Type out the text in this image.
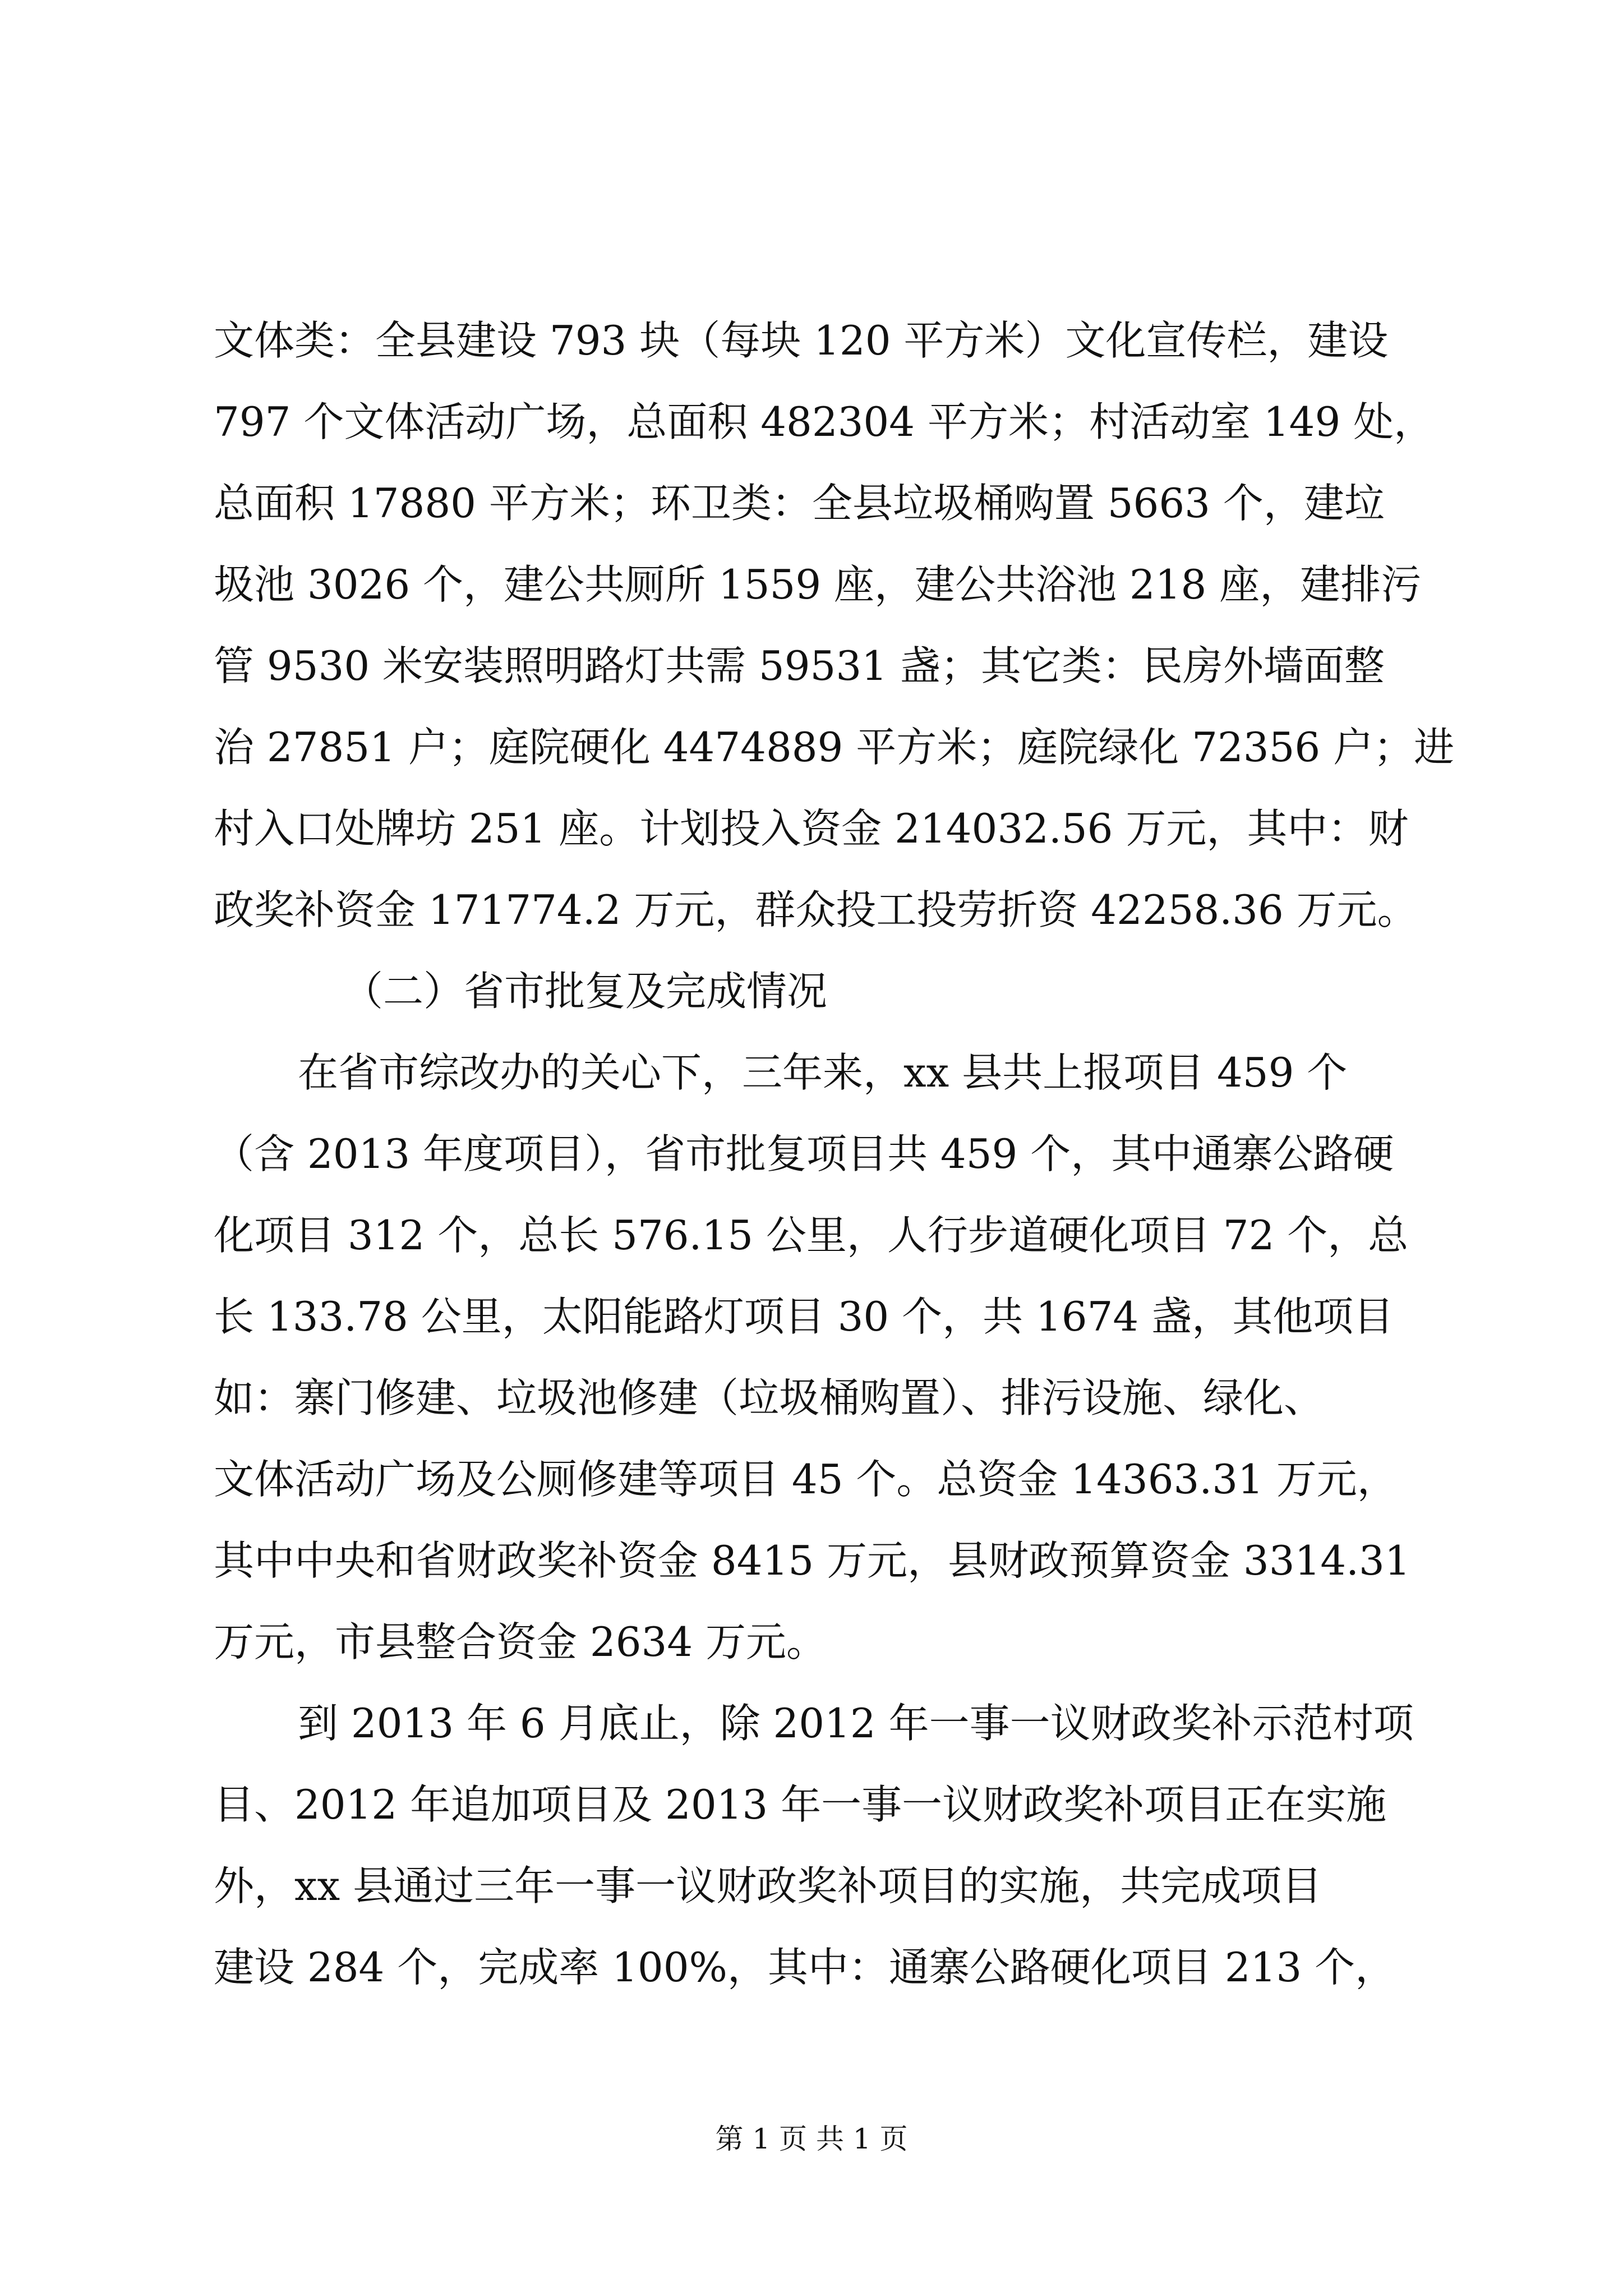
文体类：全县建设 793 块（每块 120 平方米）文化宣传栏，建设
797 个文体活动广场，总面积 482304 平方米；村活动室 149 处，
总面积 17880 平方米；环卫类：全县垃圾桶购置 5663 个，建垃
圾池 3026 个，建公共厕所 1559 座，建公共浴池 218 座，建排污
管 9530 米安装照明路灯共需 59531 盏；其它类：民房外墙面整
治 27851 户；庭院硬化 4474889 平方米；庭院绿化 72356 户；进
村入口处牌坊 251 座。计划投入资金 214032.56 万元，其中：财
政奖补资金 171774.2 万元，群众投工投劳折资 42258.36 万元。
（二）省市批复及完成情况
在省市综改办的关心下，三年来，xx 县共上报项目 459 个
（含 2013 年度项目），省市批复项目共 459 个，其中通寨公路硬
化项目 312 个，总长 576.15 公里，人行步道硬化项目 72 个，总
长 133.78 公里，太阳能路灯项目 30 个，共 1674 盏，其他项目
如：寨门修建、垃圾池修建（垃圾桶购置）、排污设施、绿化、
文体活动广场及公厕修建等项目 45 个。总资金 14363.31 万元，
其中中央和省财政奖补资金 8415 万元，县财政预算资金 3314.31
万元，市县整合资金 2634 万元。
到 2013 年 6 月底止，除 2012 年一事一议财政奖补示范村项
目、2012 年追加项目及 2013 年一事一议财政奖补项目正在实施
外，xx 县通过三年一事一议财政奖补项目的实施，共完成项目
建设 284 个，完成率 100%，其中：通寨公路硬化项目 213 个，
第 1 页 共 1 页
